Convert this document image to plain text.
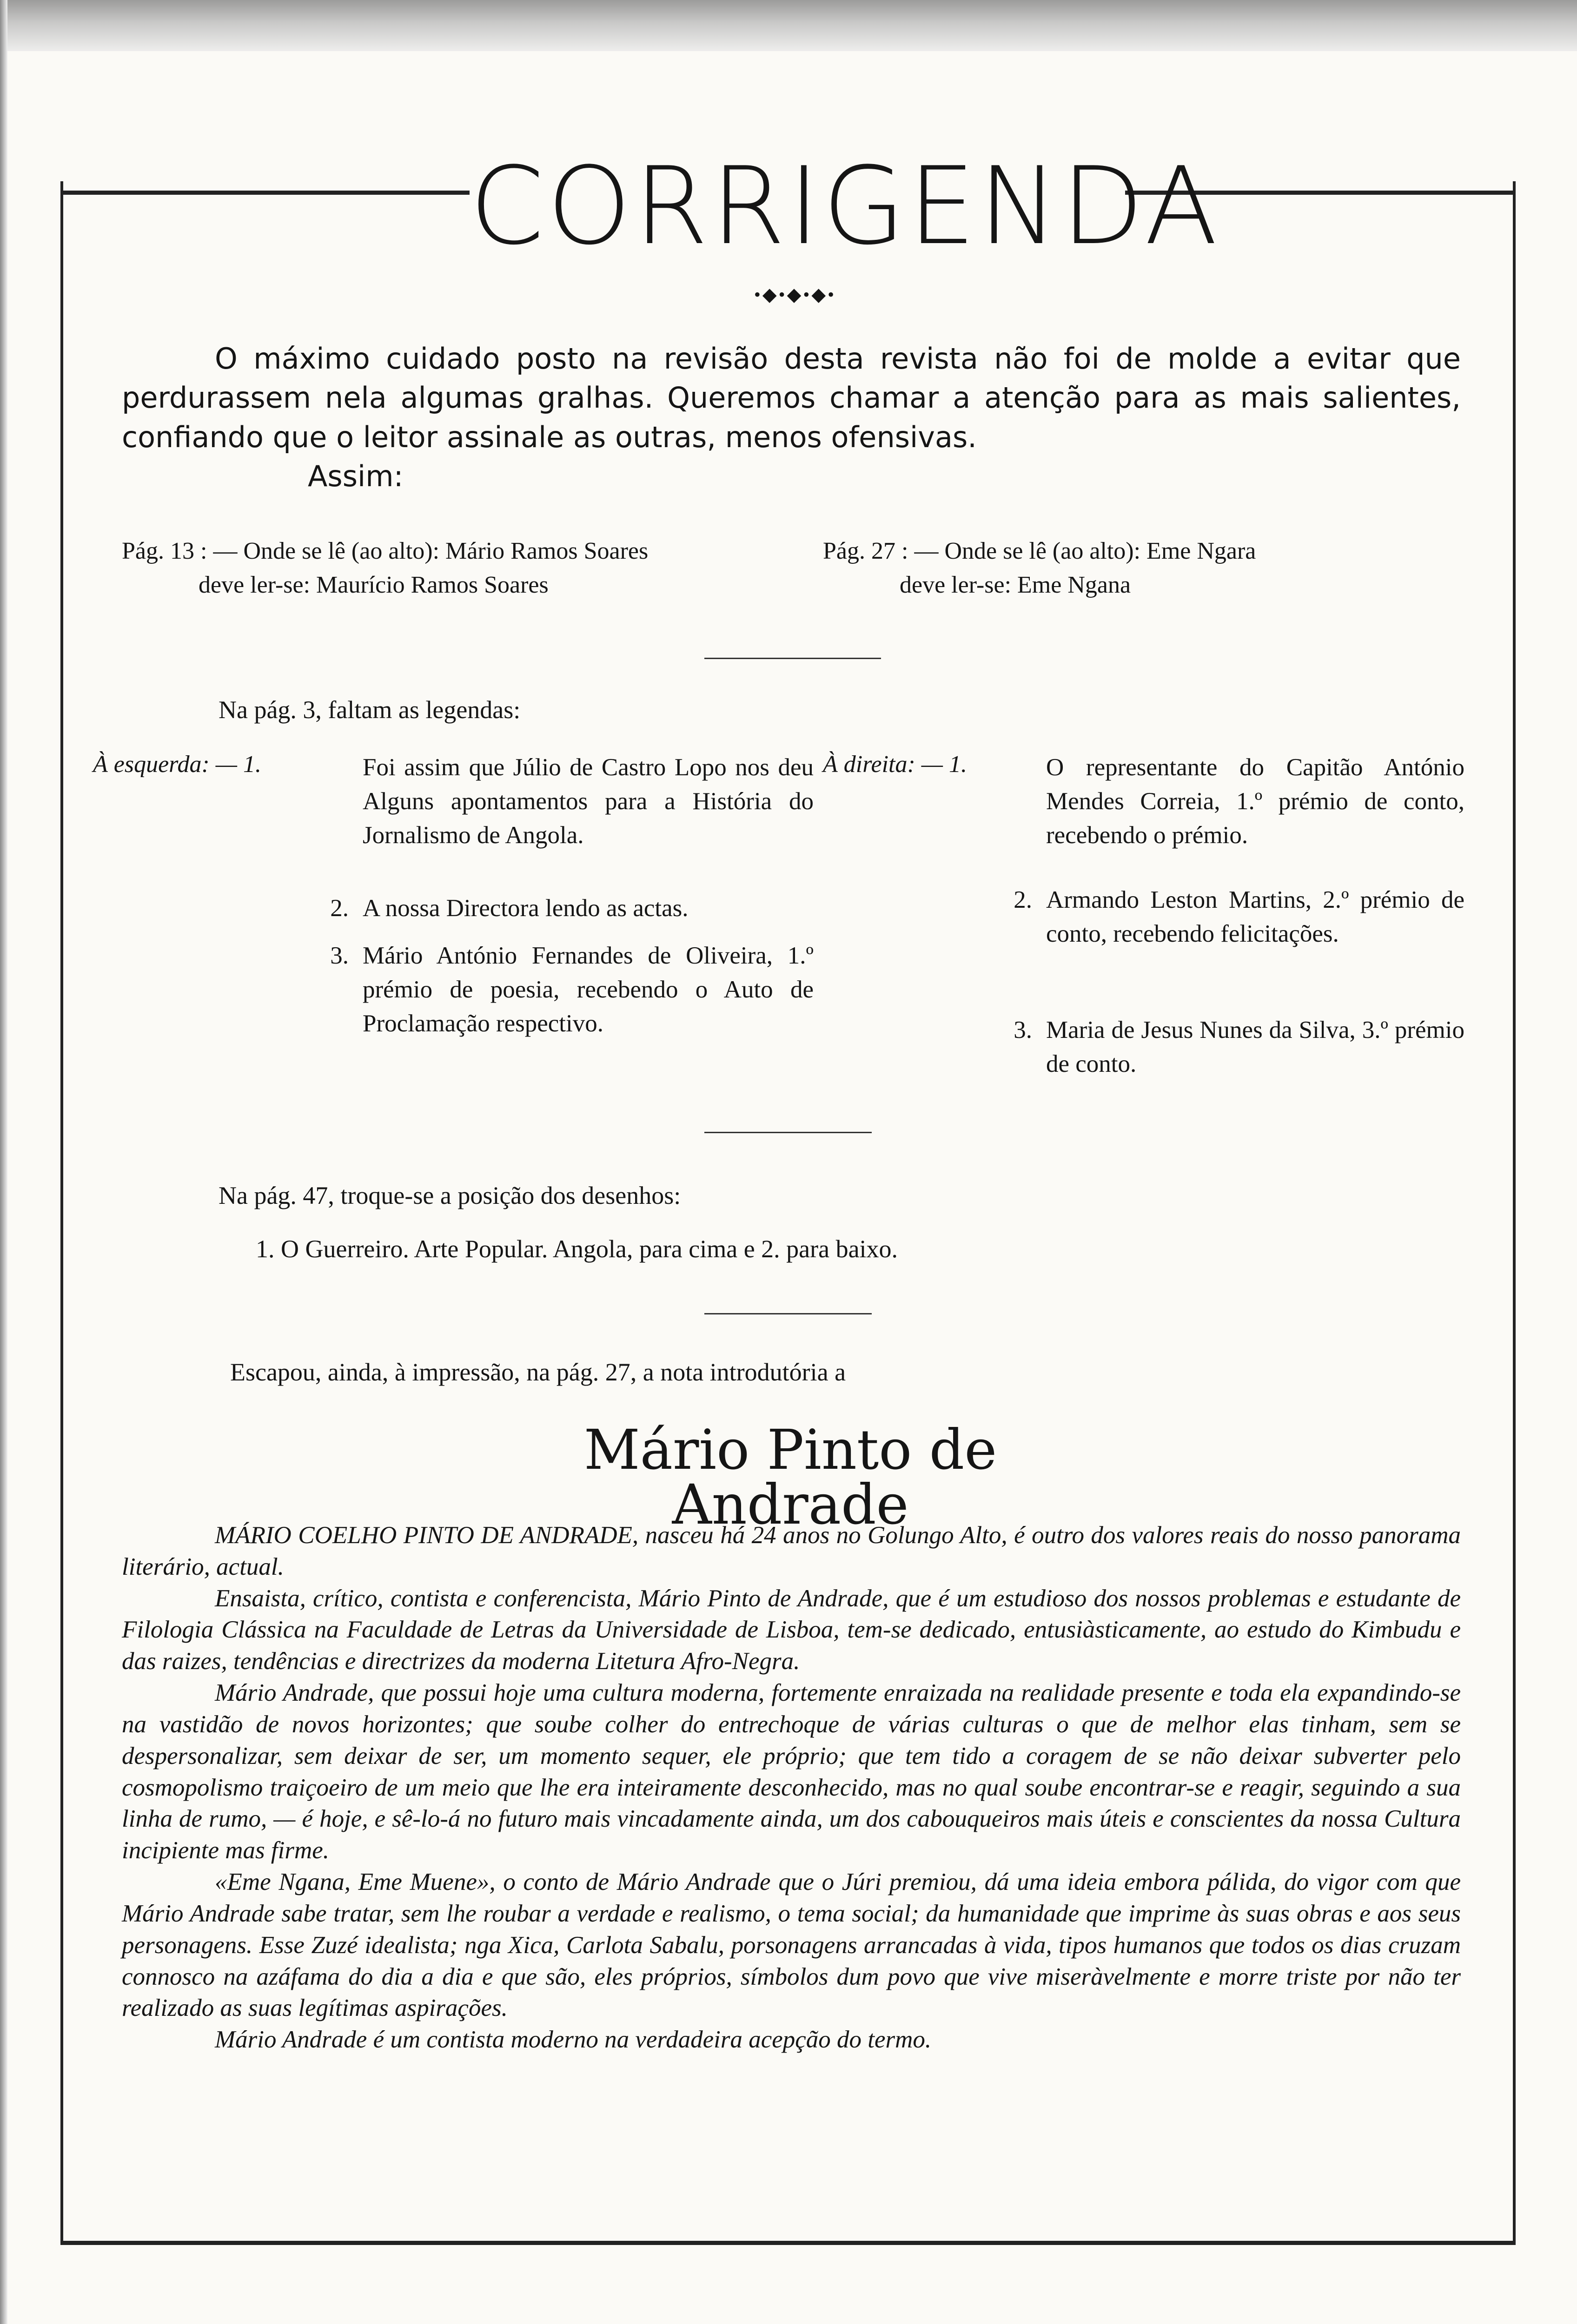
CORRIGENDA
•◆•◆•◆•

O máximo cuidado posto na revisão desta revista não foi de molde a evitar que perdurassem nela algumas gralhas. Queremos chamar a atenção para as mais salientes, confiando que o leitor assinale as outras, menos ofensivas.

Assim:

Pág. 13 : — Onde se lê (ao alto): Mário Ramos Soares
deve ler-se: Maurício Ramos Soares
Pág. 27 : — Onde se lê (ao alto): Eme Ngara
deve ler-se: Eme Ngana
Na pág. 3, faltam as legendas:
À esquerda: — 1.	À direita: — 1.
Foi assim que Júlio de Castro Lopo nos deu Alguns apontamentos para a História do Jornalismo de Angola.
2. A nossa Directora lendo as actas.
3. Mário António Fernandes de Oliveira, 1.º prémio de poesia, recebendo o Auto de Proclamação respectivo.
O representante do Capitão António Mendes Correia, 1.º prémio de conto, recebendo o prémio.
2. Armando Leston Martins, 2.º prémio de conto, recebendo felicitações.
3. Maria de Jesus Nunes da Silva, 3.º prémio de conto.
Na pág. 47, troque-se a posição dos desenhos:
1. O Guerreiro. Arte Popular. Angola, para cima e 2. para baixo.
Escapou, ainda, à impressão, na pág. 27, a nota introdutória a
Mário Pinto de Andrade

MÁRIO COELHO PINTO DE ANDRADE, nasceu há 24 anos no Golungo Alto, é outro dos valores reais do nosso panorama literário, actual.

Ensaista, crítico, contista e conferencista, Mário Pinto de Andrade, que é um estudioso dos nossos problemas e estudante de Filologia Clássica na Faculdade de Letras da Universidade de Lisboa, tem-se dedicado, entusiàsticamente, ao estudo do Kimbudu e das raizes, tendências e directrizes da moderna Litetura Afro-Negra.

Mário Andrade, que possui hoje uma cultura moderna, fortemente enraizada na realidade presente e toda ela expandindo-se na vastidão de novos horizontes; que soube colher do entrechoque de várias culturas o que de melhor elas tinham, sem se despersonalizar, sem deixar de ser, um momento sequer, ele próprio; que tem tido a coragem de se não deixar subverter pelo cosmopolismo traiçoeiro de um meio que lhe era inteiramente desconhecido, mas no qual soube encontrar-se e reagir, seguindo a sua linha de rumo, — é hoje, e sê-lo-á no futuro mais vincadamente ainda, um dos cabouqueiros mais úteis e conscientes da nossa Cultura incipiente mas firme.

«Eme Ngana, Eme Muene», o conto de Mário Andrade que o Júri premiou, dá uma ideia embora pálida, do vigor com que Mário Andrade sabe tratar, sem lhe roubar a verdade e realismo, o tema social; da humanidade que imprime às suas obras e aos seus personagens. Esse Zuzé idealista; nga Xica, Carlota Sabalu, porsonagens arrancadas à vida, tipos humanos que todos os dias cruzam connosco na azáfama do dia a dia e que são, eles próprios, símbolos dum povo que vive miseràvelmente e morre triste por não ter realizado as suas legítimas aspirações.

Mário Andrade é um contista moderno na verdadeira acepção do termo.
